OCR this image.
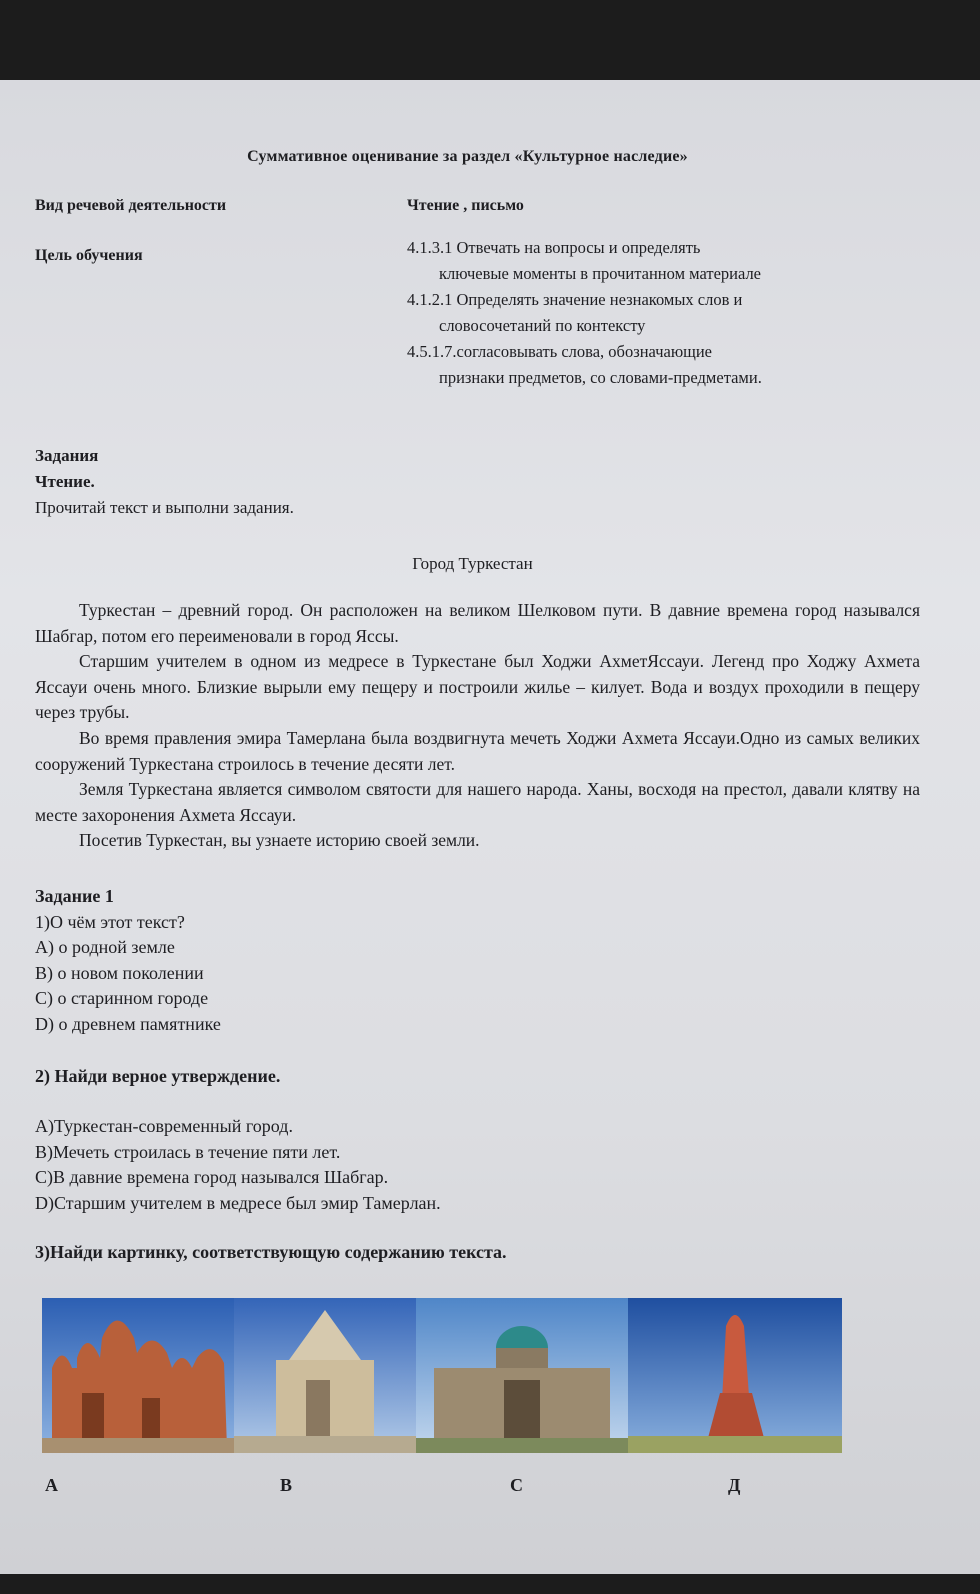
Суммативное оценивание за раздел «Культурное наследие»
Вид речевой деятельности	Чтение , письмо
Цель обучения	4.1.3.1 Отвечать на вопросы и определять
ключевые моменты в прочитанном материале
4.1.2.1 Определять значение незнакомых слов и
словосочетаний по контексту
4.5.1.7.согласовывать слова, обозначающие
признаки предметов, со словами-предметами.
Задания
Чтение.
Прочитай текст и выполни задания.
Город Туркестан

Туркестан – древний город. Он расположен на великом Шелковом пути. В давние времена город назывался Шабгар, потом его переименовали в город Яссы.

Старшим учителем в одном из медресе в Туркестане был Ходжи АхметЯссауи. Легенд про Ходжу Ахмета Яссауи очень много. Близкие вырыли ему пещеру и построили жилье – килует. Вода и воздух проходили в пещеру через трубы.

Во время правления эмира Тамерлана была воздвигнута мечеть Ходжи Ахмета Яссауи.Одно из самых великих сооружений Туркестана строилось в течение десяти лет.

Земля Туркестана является символом святости для нашего народа. Ханы, восходя на престол, давали клятву на месте захоронения Ахмета Яссауи.

Посетив Туркестан, вы узнаете историю своей земли.

Задание 1
1)О чём этот текст?
A) о родной земле
B) о новом поколении
C) о старинном городе
D) о древнем памятнике
2) Найди верное утверждение.
A)Туркестан-современный город.
B)Мечеть строилась в течение пяти лет.
C)В давние времена город назывался Шабгар.
D)Старшим учителем в медресе был эмир Тамерлан.
3)Найди картинку, соответствующую содержанию текста.
A	B	C	Д
